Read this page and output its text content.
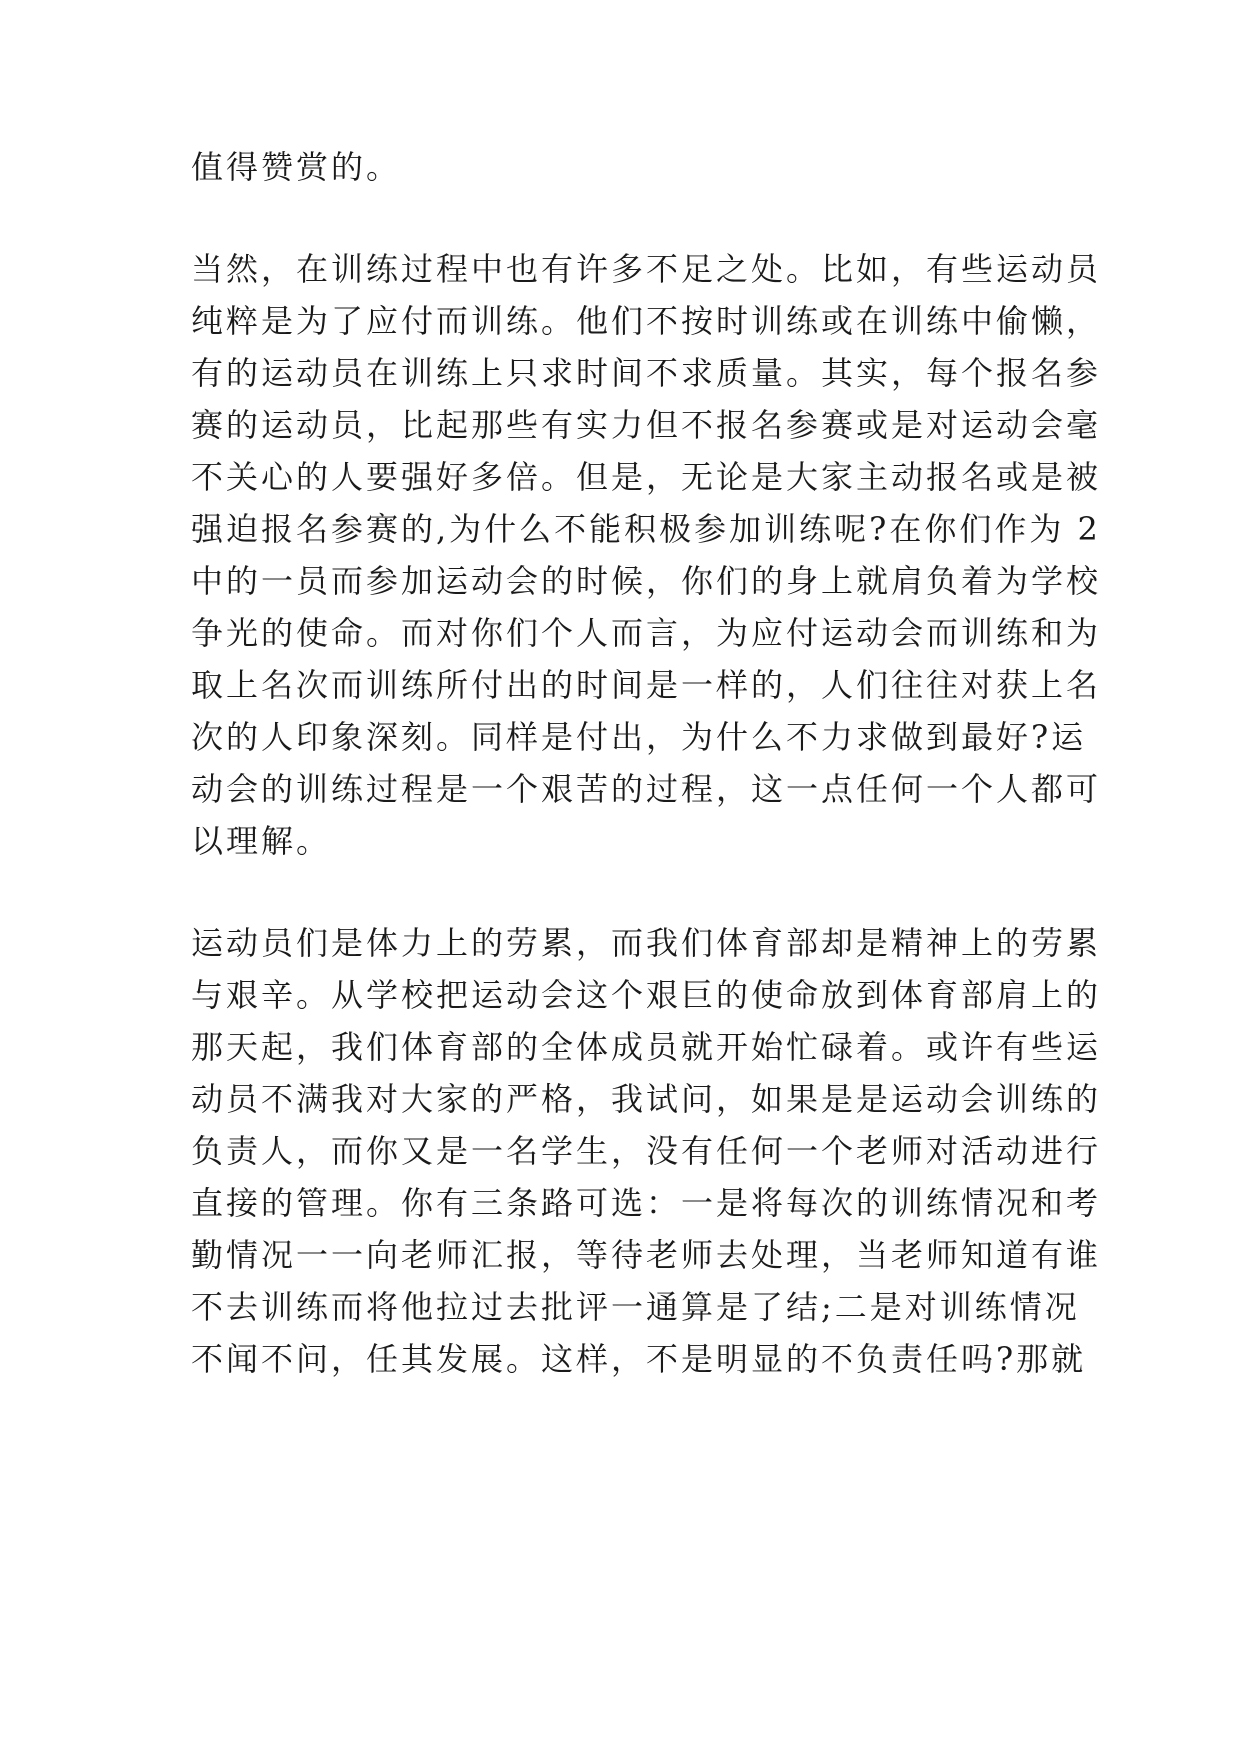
值得赞赏的。
当然，在训练过程中也有许多不足之处。比如，有些运动员
纯粹是为了应付而训练。他们不按时训练或在训练中偷懒，
有的运动员在训练上只求时间不求质量。其实，每个报名参
赛的运动员，比起那些有实力但不报名参赛或是对运动会毫
不关心的人要强好多倍。但是，无论是大家主动报名或是被
强迫报名参赛的,为什么不能积极参加训练呢?在你们作为 2
中的一员而参加运动会的时候，你们的身上就肩负着为学校
争光的使命。而对你们个人而言，为应付运动会而训练和为
取上名次而训练所付出的时间是一样的，人们往往对获上名
次的人印象深刻。同样是付出，为什么不力求做到最好?运
动会的训练过程是一个艰苦的过程，这一点任何一个人都可
以理解。
运动员们是体力上的劳累，而我们体育部却是精神上的劳累
与艰辛。从学校把运动会这个艰巨的使命放到体育部肩上的
那天起，我们体育部的全体成员就开始忙碌着。或许有些运
动员不满我对大家的严格，我试问，如果是是运动会训练的
负责人，而你又是一名学生，没有任何一个老师对活动进行
直接的管理。你有三条路可选：一是将每次的训练情况和考
勤情况一一向老师汇报，等待老师去处理，当老师知道有谁
不去训练而将他拉过去批评一通算是了结;二是对训练情况
不闻不问，任其发展。这样，不是明显的不负责任吗?那就
